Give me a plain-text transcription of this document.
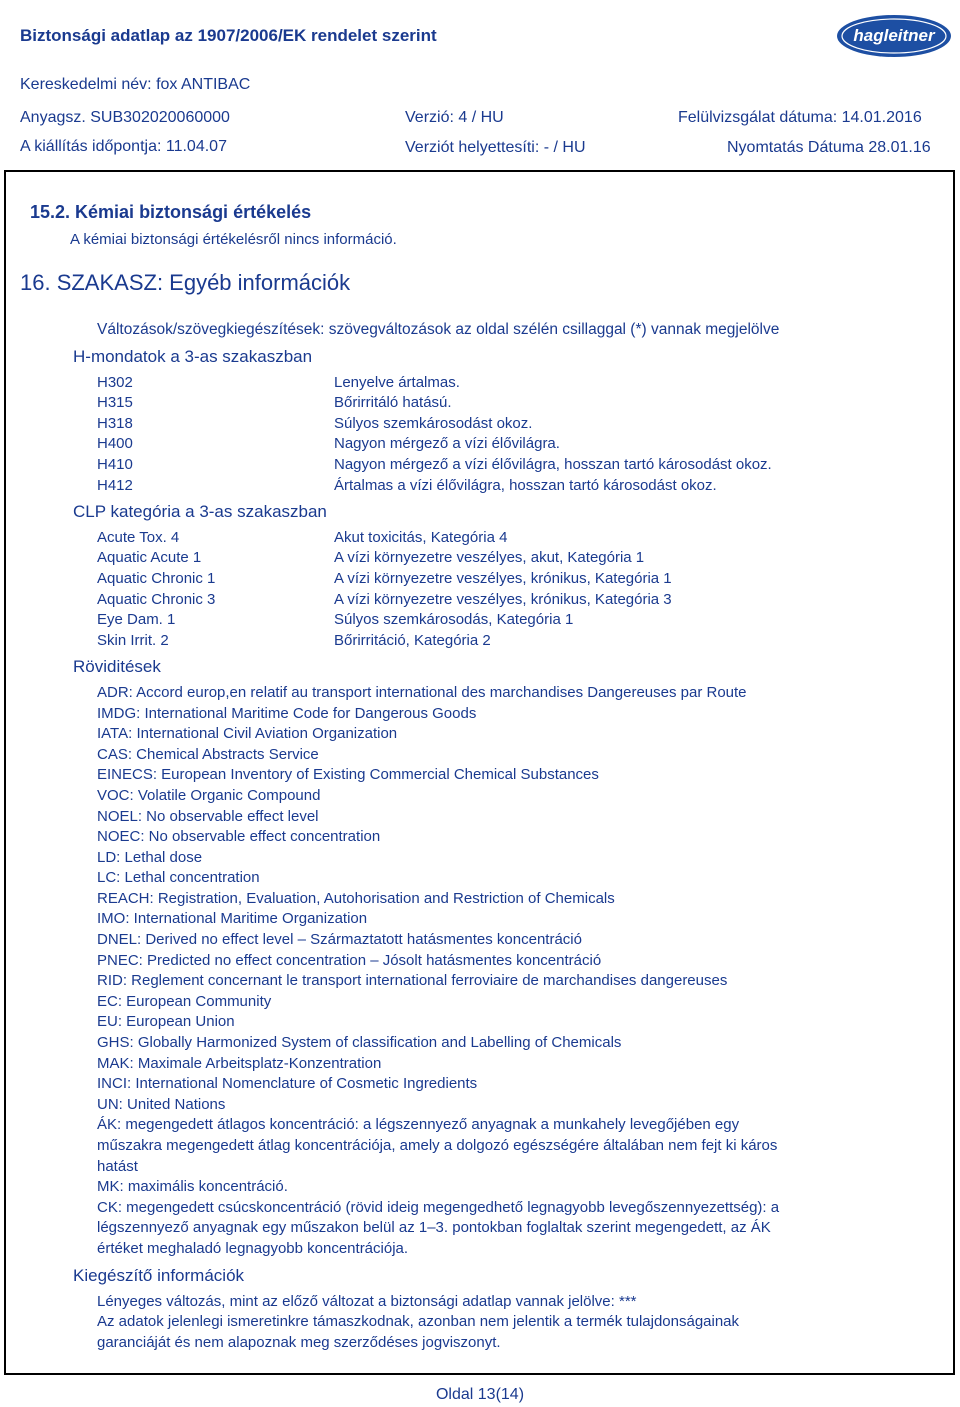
Biztonsági adatlap az 1907/2006/EK rendelet szerint	hagleitner
Kereskedelmi név: fox ANTIBAC
Anyagsz. SUB302020060000	Verzió: 4 / HU	Felülvizsgálat dátuma: 14.01.2016
A kiállítás időpontja: 11.04.07	Verziót helyettesíti: - / HU	Nyomtatás Dátuma 28.01.16
15.2. Kémiai biztonsági értékelés
A kémiai biztonsági értékelésről nincs információ.
16. SZAKASZ: Egyéb információk
Változások/szövegkiegészítések: szövegváltozások az oldal szélén csillaggal (*) vannak megjelölve
H-mondatok a 3-as szakaszban
H302	Lenyelve ártalmas.
H315	Bőrirritáló hatású.
H318	Súlyos szemkárosodást okoz.
H400	Nagyon mérgező a vízi élővilágra.
H410	Nagyon mérgező a vízi élővilágra, hosszan tartó károsodást okoz.
H412	Ártalmas a vízi élővilágra, hosszan tartó károsodást okoz.
CLP kategória a 3-as szakaszban
Acute Tox. 4	Akut toxicitás, Kategória 4
Aquatic Acute 1	A vízi környezetre veszélyes, akut, Kategória 1
Aquatic Chronic 1	A vízi környezetre veszélyes, krónikus, Kategória 1
Aquatic Chronic 3	A vízi környezetre veszélyes, krónikus, Kategória 3
Eye Dam. 1	Súlyos szemkárosodás, Kategória 1
Skin Irrit. 2	Bőrirritáció, Kategória 2
Röviditések
ADR: Accord europ,en relatif au transport international des marchandises Dangereuses par Route
IMDG: International Maritime Code for Dangerous Goods
IATA: International Civil Aviation Organization
CAS: Chemical Abstracts Service
EINECS: European Inventory of Existing Commercial Chemical Substances
VOC: Volatile Organic Compound
NOEL: No observable effect level
NOEC: No observable effect concentration
LD: Lethal dose
LC: Lethal concentration
REACH: Registration, Evaluation, Autohorisation and Restriction of Chemicals
IMO: International Maritime Organization
DNEL: Derived no effect level – Származtatott hatásmentes koncentráció
PNEC: Predicted no effect concentration – Jósolt hatásmentes koncentráció
RID: Reglement concernant le transport international ferroviaire de marchandises dangereuses
EC: European Community
EU: European Union
GHS: Globally Harmonized System of classification and Labelling of Chemicals
MAK: Maximale Arbeitsplatz-Konzentration
INCI: International Nomenclature of Cosmetic Ingredients
UN: United Nations
ÁK: megengedett átlagos koncentráció: a légszennyező anyagnak a munkahely levegőjében egy
műszakra megengedett átlag koncentrációja, amely a dolgozó egészségére általában nem fejt ki káros
hatást
MK: maximális koncentráció.
CK: megengedett csúcskoncentráció (rövid ideig megengedhető legnagyobb levegőszennyezettség): a
légszennyező anyagnak egy műszakon belül az 1–3. pontokban foglaltak szerint megengedett, az ÁK
értéket meghaladó legnagyobb koncentrációja.
Kiegészítő információk
Lényeges változás, mint az előző változat a biztonsági adatlap vannak jelölve: ***
Az adatok jelenlegi ismeretinkre támaszkodnak, azonban nem jelentik a termék tulajdonságainak
garanciáját és nem alapoznak meg szerződéses jogviszonyt.
Oldal 13(14)
